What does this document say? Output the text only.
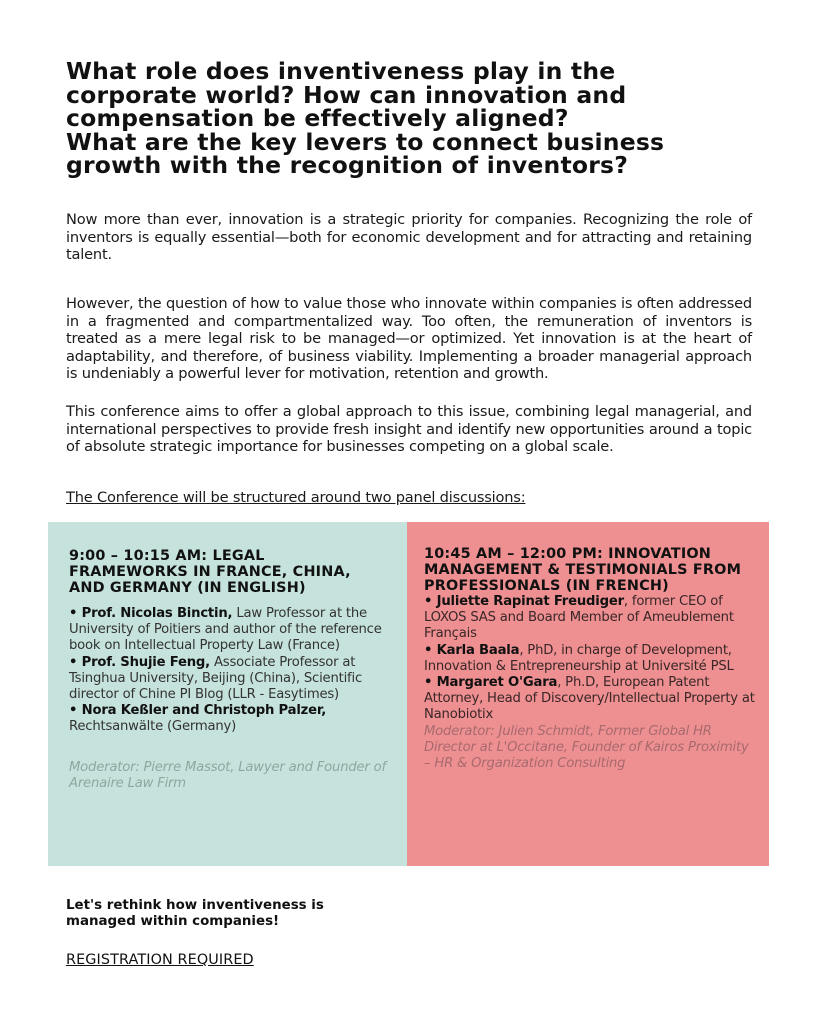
What role does inventiveness play in the
corporate world? How can innovation and
compensation be effectively aligned?
What are the key levers to connect business
growth with the recognition of inventors?

Now more than ever, innovation is a strategic priority for companies. Recognizing the role of inventors is equally essential—both for economic development and for attracting and retaining talent.

However, the question of how to value those who innovate within companies is often addressed in a fragmented and compartmentalized way. Too often, the remuneration of inventors is treated as a mere legal risk to be managed—or optimized. Yet innovation is at the heart of adaptability, and therefore, of business viability. Implementing a broader managerial approach is undeniably a powerful lever for motivation, retention and growth.

This conference aims to offer a global approach to this issue, combining legal managerial, and international perspectives to provide fresh insight and identify new opportunities around a topic of absolute strategic importance for businesses competing on a global scale.

The Conference will be structured around two panel discussions:
9:00 – 10:15 AM: LEGAL FRAMEWORKS IN FRANCE, CHINA, AND GERMANY (IN ENGLISH)
• Prof. Nicolas Binctin, Law Professor at the University of Poitiers and author of the reference book on Intellectual Property Law (France)
• Prof. Shujie Feng, Associate Professor at Tsinghua University, Beijing (China), Scientific director of Chine PI Blog (LLR - Easytimes)
• Nora Keßler and Christoph Palzer, Rechtsanwälte (Germany)
Moderator: Pierre Massot, Lawyer and Founder of Arenaire Law Firm
10:45 AM – 12:00 PM: INNOVATION MANAGEMENT & TESTIMONIALS FROM PROFESSIONALS (IN FRENCH)
• Juliette Rapinat Freudiger, former CEO of LOXOS SAS and Board Member of Ameublement Français
• Karla Baala, PhD, in charge of Development, Innovation & Entrepreneurship at Université PSL
• Margaret O'Gara, Ph.D, European Patent Attorney, Head of Discovery/Intellectual Property at Nanobiotix
Moderator: Julien Schmidt, Former Global HR Director at L'Occitane, Founder of Kairos Proximity – HR & Organization Consulting
Let's rethink how inventiveness is managed within companies!
REGISTRATION REQUIRED
